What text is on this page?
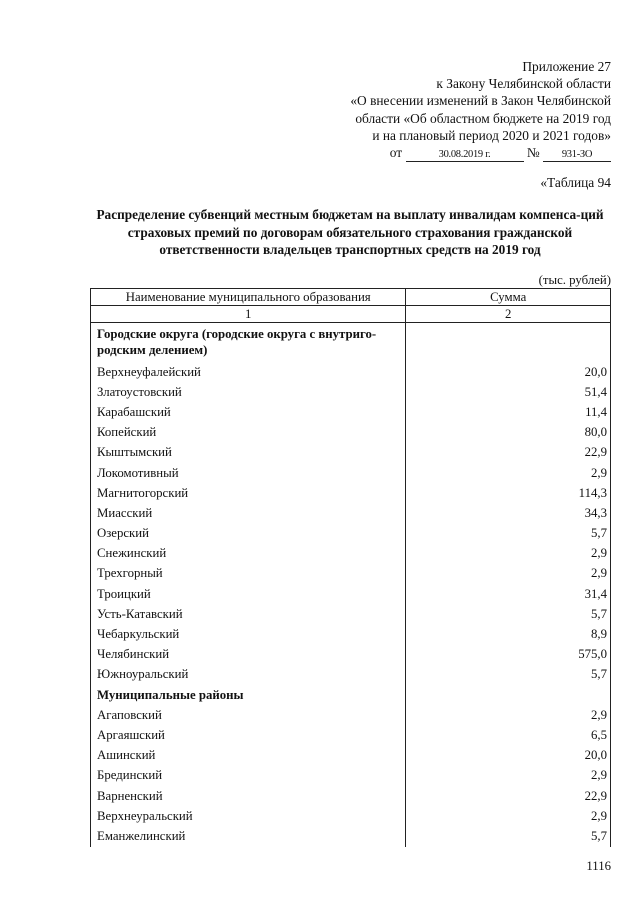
Приложение 27
к Закону Челябинской области
«О внесении изменений в Закон Челябинской
области «Об областном бюджете на 2019 год
и на плановый период 2020 и 2021 годов»
от	30.08.2019 г.	№ 931-ЗО
«Таблица 94
Распределение субвенций местным бюджетам на выплату инвалидам компенса-ций страховых премий по договорам обязательного страхования гражданской ответственности владельцев транспортных средств на 2019 год
(тыс. рублей)
Наименование муниципального образования	Сумма
1	2
Городские округа (городские округа с внутриго-родским делением)	
Верхнеуфалейский	20,0
Златоустовский	51,4
Карабашский	11,4
Копейский	80,0
Кыштымский	22,9
Локомотивный	2,9
Магнитогорский	114,3
Миасский	34,3
Озерский	5,7
Снежинский	2,9
Трехгорный	2,9
Троицкий	31,4
Усть-Катавский	5,7
Чебаркульский	8,9
Челябинский	575,0
Южноуральский	5,7
Муниципальные районы	
Агаповский	2,9
Аргаяшский	6,5
Ашинский	20,0
Брединский	2,9
Варненский	22,9
Верхнеуральский	2,9
Еманжелинский	5,7
1116
